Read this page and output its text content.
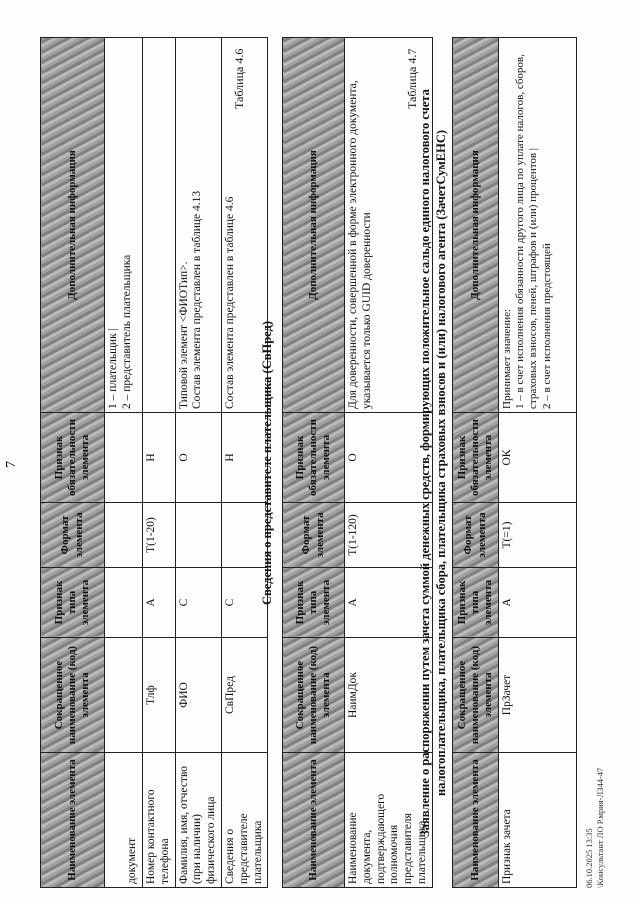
7
Наименование элемента	Сокращенное наименование (код) элемента	Признак типа элемента	Формат элемента	Признак обязательности элемента	Дополнительная информация
документ					1 – плательщик | 2 – представитель плательщика

Номер контактного телефона	Тлф	А	T(1-20)	Н	
Фамилия, имя, отчество (при наличии) физического лица	ФИО	С		О	Типовой элемент <ФИОТип>. Состав элемента представлен в таблице 4.13

Сведения о представителе плательщика	СвПред	С		Н	Состав элемента представлен в таблице 4.6
Таблица 4.6
Сведения о представителе плательщика (СвПред)
Наименование элемента	Сокращенное наименование (код) элемента	Признак типа элемента	Формат элемента	Признак обязательности элемента	Дополнительная информация
Наименование документа, подтверждающего полномочия представителя плательщика	НаимДок	А	T(1-120)	О	Для доверенности, совершенной в форме электронного документа, указывается только GUID доверенности
Таблица 4.7
Заявление о распоряжении путем зачета суммой денежных средств, формирующих положительное сальдо единого налогового счета налогоплательщика, плательщика сбора, плательщика страховых взносов и (или) налогового агента (ЗачетСумЕНС)
Наименование элемента	Сокращенное наименование (код) элемента	Признак типа элемента	Формат элемента	Признак обязательности элемента	Дополнительная информация
Признак зачета	ПрЗачет	А	T(=1)	ОК	Принимает значение: 1 – в счет исполнения обязанности другого лица по уплате налогов, сборов, страховых взносов, пеней, штрафов и (или) процентов | 2 – в счет исполнения предстоящей
06.10.2025 13:35 \Консультант ЛО Р.мрия-ЛЗ44-47
